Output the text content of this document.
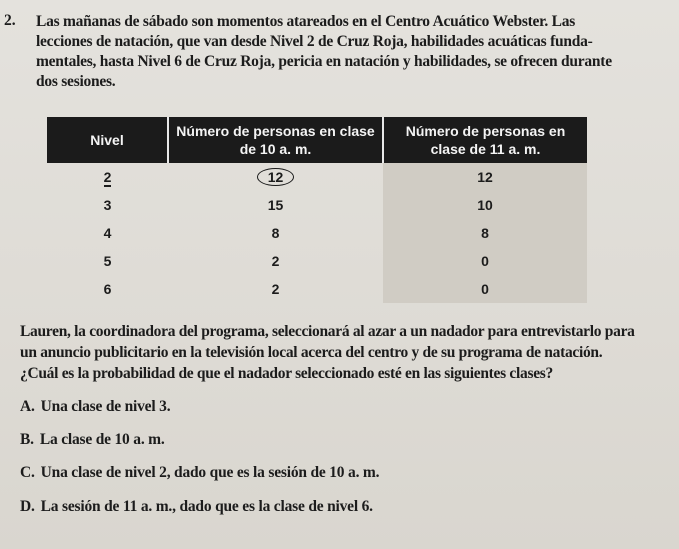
2. Las mañanas de sábado son momentos atareados en el Centro Acuático Webster. Las
lecciones de natación, que van desde Nivel 2 de Cruz Roja, habilidades acuáticas funda-
mentales, hasta Nivel 6 de Cruz Roja, pericia en natación y habilidades, se ofrecen durante
dos sesiones.
Nivel	Número de personas en clase de 10 a. m.	Número de personas en clase de 11 a. m.
2	12	12
3	15	10
4	8	8
5	2	0
6	2	0
Lauren, la coordinadora del programa, seleccionará al azar a un nadador para entrevistarlo para
un anuncio publicitario en la televisión local acerca del centro y de su programa de natación.
¿Cuál es la probabilidad de que el nadador seleccionado esté en las siguientes clases?
A. Una clase de nivel 3.
B. La clase de 10 a. m.
C. Una clase de nivel 2, dado que es la sesión de 10 a. m.
D. La sesión de 11 a. m., dado que es la clase de nivel 6.
